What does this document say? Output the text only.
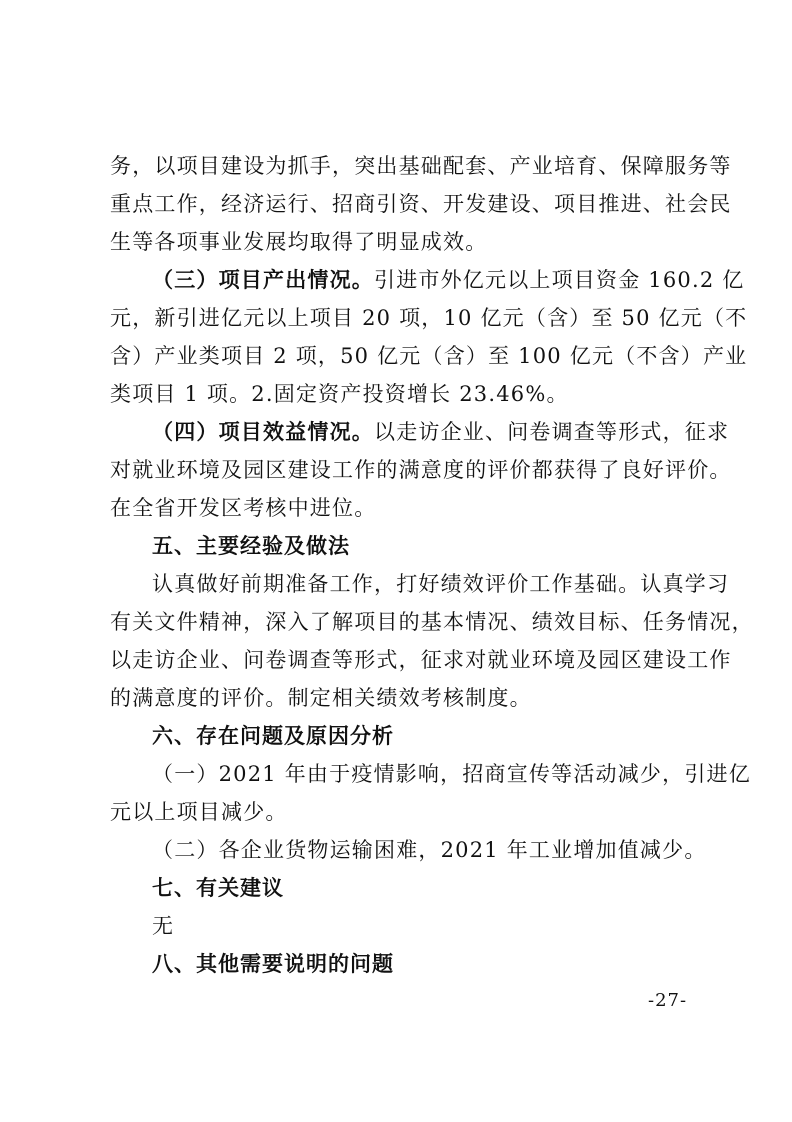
务，以项目建设为抓手，突出基础配套、产业培育、保障服务等
重点工作，经济运行、招商引资、开发建设、项目推进、社会民
生等各项事业发展均取得了明显成效。
（三）项目产出情况。引进市外亿元以上项目资金 160.2 亿
元，新引进亿元以上项目 20 项，10 亿元（含）至 50 亿元（不
含）产业类项目 2 项，50 亿元（含）至 100 亿元（不含）产业
类项目 1 项。2.固定资产投资增长 23.46%。
（四）项目效益情况。以走访企业、问卷调查等形式，征求
对就业环境及园区建设工作的满意度的评价都获得了良好评价。
在全省开发区考核中进位。
五、主要经验及做法
认真做好前期准备工作，打好绩效评价工作基础。认真学习
有关文件精神，深入了解项目的基本情况、绩效目标、任务情况，
以走访企业、问卷调查等形式，征求对就业环境及园区建设工作
的满意度的评价。制定相关绩效考核制度。
六、存在问题及原因分析
（一）2021 年由于疫情影响，招商宣传等活动减少，引进亿
元以上项目减少。
（二）各企业货物运输困难，2021 年工业增加值减少。
七、有关建议
无
八、其他需要说明的问题
-27-
